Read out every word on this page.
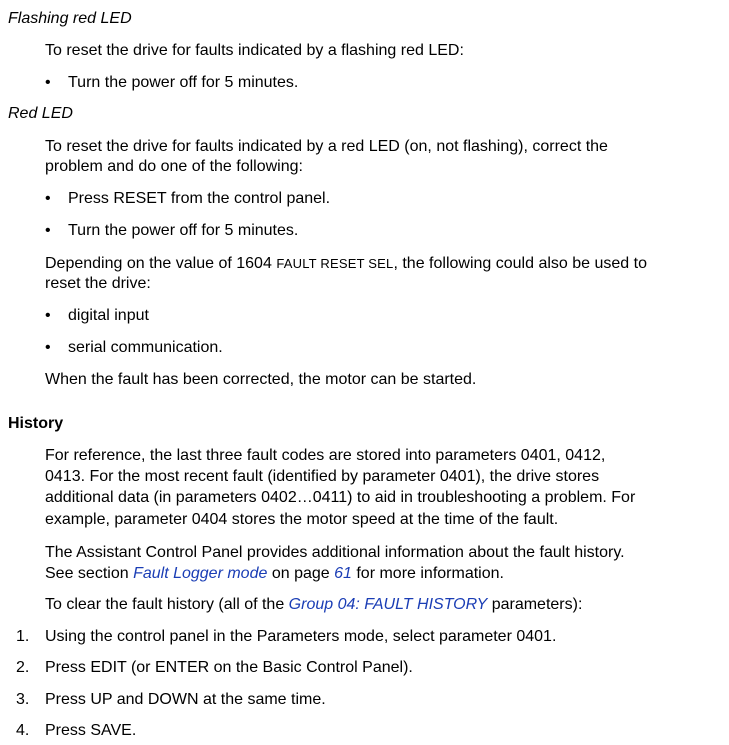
Flashing red LED

To reset the drive for faults indicated by a flashing red LED:

• Turn the power off for 5 minutes.
Red LED

To reset the drive for faults indicated by a red LED (on, not flashing), correct the

problem and do one of the following:

• Press RESET from the control panel.
• Turn the power off for 5 minutes.

Depending on the value of 1604 FAULT RESET SEL, the following could also be used to

reset the drive:

• digital input
• serial communication.

When the fault has been corrected, the motor can be started.

History

For reference, the last three fault codes are stored into parameters 0401, 0412,

0413. For the most recent fault (identified by parameter 0401), the drive stores

additional data (in parameters 0402…0411) to aid in troubleshooting a problem. For

example, parameter 0404 stores the motor speed at the time of the fault.

The Assistant Control Panel provides additional information about the fault history.

See section Fault Logger mode on page 61 for more information.

To clear the fault history (all of the Group 04: FAULT HISTORY parameters):

1. Using the control panel in the Parameters mode, select parameter 0401.
2. Press EDIT (or ENTER on the Basic Control Panel).
3. Press UP and DOWN at the same time.
4. Press SAVE.
